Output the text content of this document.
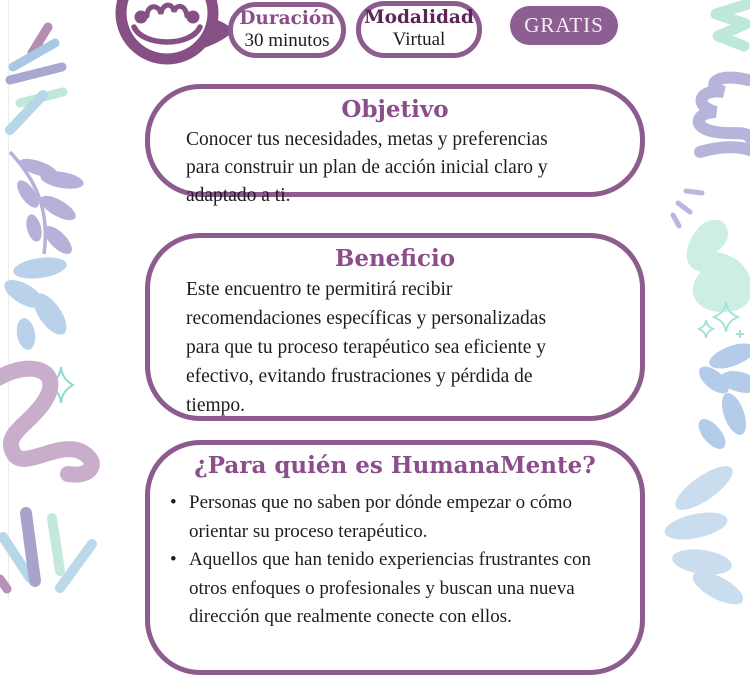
Duración
30 minutos
Modalidad
Virtual
GRATIS
Objetivo
Conocer tus necesidades, metas y preferencias
para construir un plan de acción inicial claro y
adaptado a ti.
Beneficio
Este encuentro te permitirá recibir
recomendaciones específicas y personalizadas
para que tu proceso terapéutico sea eficiente y
efectivo, evitando frustraciones y pérdida de
tiempo.
¿Para quién es HumanaMente?
• Personas que no saben por dónde empezar o cómo
orientar su proceso terapéutico.
• Aquellos que han tenido experiencias frustrantes con
otros enfoques o profesionales y buscan una nueva
dirección que realmente conecte con ellos.
